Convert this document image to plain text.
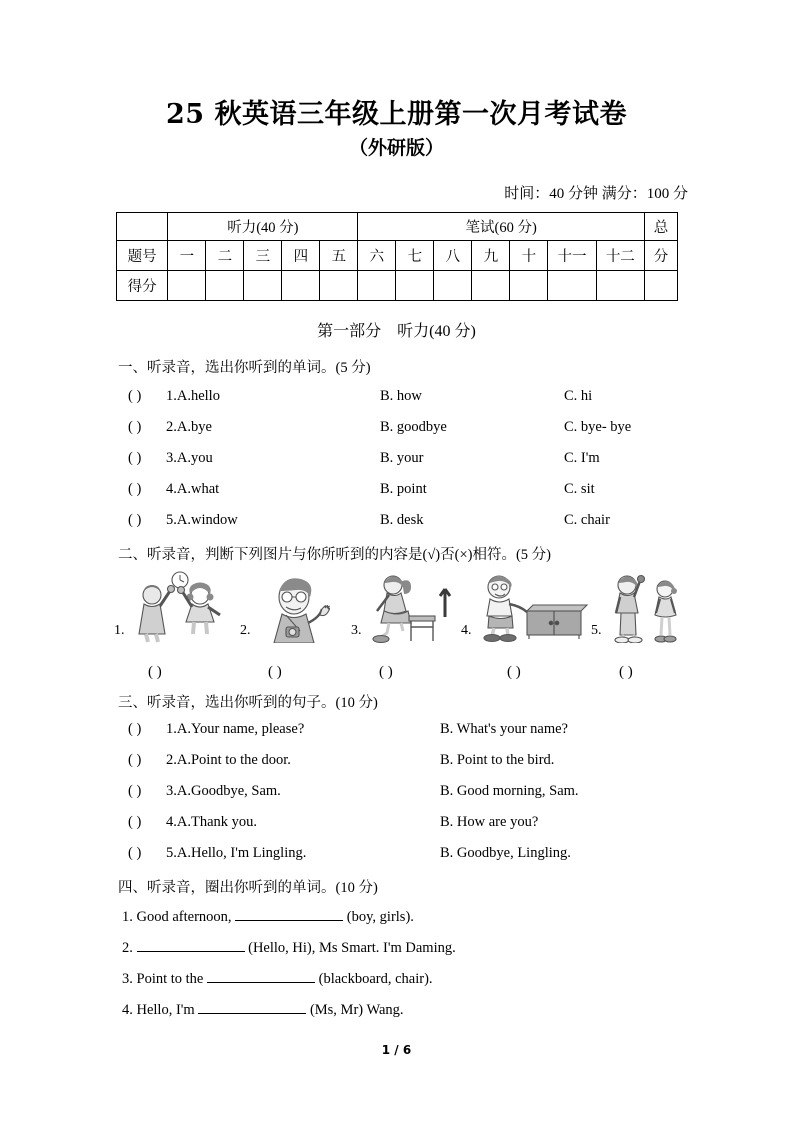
25 秋英语三年级上册第一次月考试卷
（外研版）
时间：40 分钟 满分：100 分
	听力(40 分)					笔试(60 分)							总
题号	一	二	三	四	五	六	七	八	九	十	十一	十二	分
得分													
第一部分 听力(40 分)
一、听录音，选出你听到的单词。(5 分)
( ) 1.A.hello	B. how	C. hi
( ) 2.A.bye	B. goodbye	C. bye- bye
( ) 3.A.you	B. your	C. I'm
( ) 4.A.what	B. point	C. sit
( ) 5.A.window	B. desk	C. chair
二、听录音，判断下列图片与你所听到的内容是(√)否(×)相符。(5 分)
1.
( )
2.
( )
3.
( )
4.
( )
5.
( )
三、听录音，选出你听到的句子。(10 分)
( ) 1.A.Your name, please?	B. What's your name?
( ) 2.A.Point to the door.	B. Point to the bird.
( ) 3.A.Goodbye, Sam.	B. Good morning, Sam.
( ) 4.A.Thank you.	B. How are you?
( ) 5.A.Hello, I'm Lingling.	B. Goodbye, Lingling.
四、听录音，圈出你听到的单词。(10 分)
1. Good afternoon,	(boy, girls).
2.	(Hello, Hi), Ms Smart. I'm Daming.
3. Point to the	(blackboard, chair).
4. Hello, I'm	(Ms, Mr) Wang.
1 / 6
